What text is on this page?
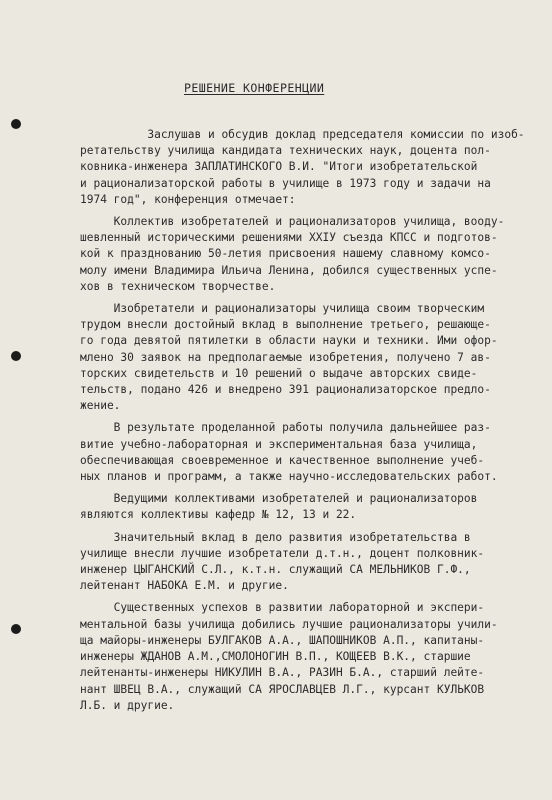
РЕШЕНИЕ КОНФЕРЕНЦИИ

Заслушав и обсудив доклад председателя комиссии по изоб-
ретательству училища кандидата технических наук, доцента пол-
ковника-инженера ЗАПЛАТИНСКОГО В.И. "Итоги изобретательской
и рационализаторской работы в училище в 1973 году и задачи на
1974 год", конференция отмечает:

Коллектив изобретателей и рационализаторов училища, вооду-
шевленный историческими решениями XXIУ съезда КПСС и подготов-
кой к празднованию 50-летия присвоения нашему славному комсо-
молу имени Владимира Ильича Ленина, добился существенных успе-
хов в техническом творчестве.

Изобретатели и рационализаторы училища своим творческим
трудом внесли достойный вклад в выполнение третьего, решающе-
го года девятой пятилетки в области науки и техники. Ими офор-
млено 30 заявок на предполагаемые изобретения, получено 7 ав-
торских свидетельств и 10 решений о выдаче авторских свиде-
тельств, подано 426 и внедрено 391 рационализаторское предло-
жение.

В результате проделанной работы получила дальнейшее раз-
витие учебно-лабораторная и экспериментальная база училища,
обеспечивающая своевременное и качественное выполнение учеб-
ных планов и программ, а также научно-исследовательских работ.

Ведущими коллективами изобретателей и рационализаторов
являются коллективы кафедр № 12, 13 и 22.

Значительный вклад в дело развития изобретательства в
училище внесли лучшие изобретатели д.т.н., доцент полковник-
инженер ЦЫГАНСКИЙ С.Л., к.т.н. служащий СА МЕЛЬНИКОВ Г.Ф.,
лейтенант НАБОКА Е.М. и другие.

Существенных успехов в развитии лабораторной и экспери-
ментальной базы училища добились лучшие рационализаторы учили-
ща майоры-инженеры БУЛГАКОВ А.А., ШАПОШНИКОВ А.П., капитаны-
инженеры ЖДАНОВ А.М.,СМОЛОНОГИН В.П., КОЩЕЕВ В.К., старшие
лейтенанты-инженеры НИКУЛИН В.А., РАЗИН Б.А., старший лейте-
нант ШВЕЦ В.А., служащий СА ЯРОСЛАВЦЕВ Л.Г., курсант КУЛЬКОВ
Л.Б. и другие.
